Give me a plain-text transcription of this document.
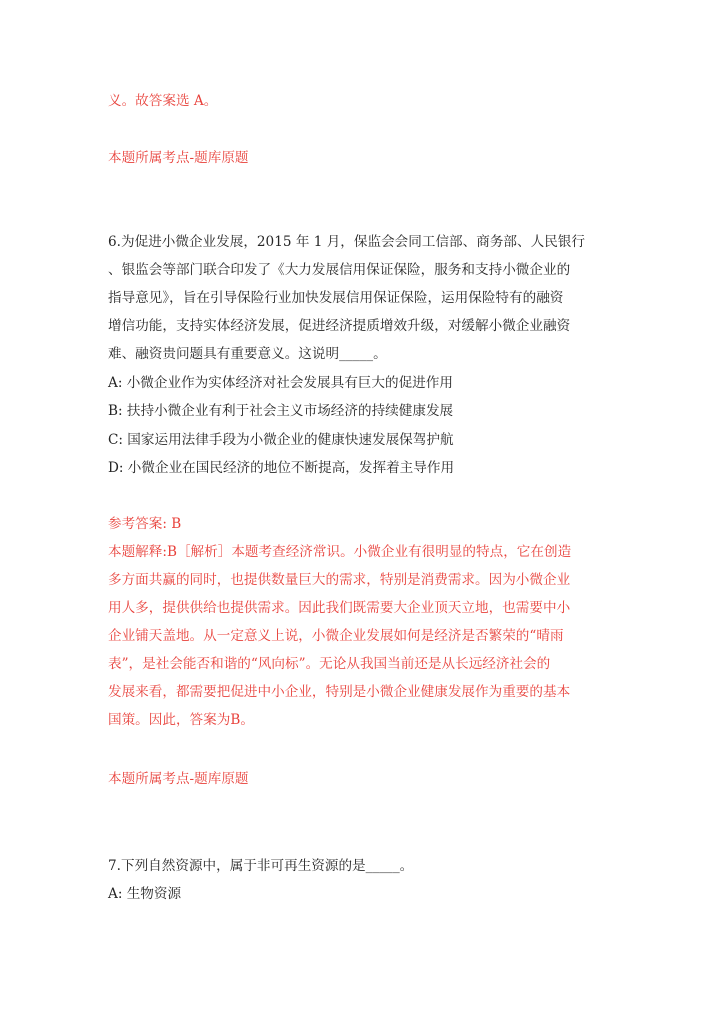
义。故答案选 A。
本题所属考点-题库原题
6.为促进小微企业发展，2015 年 1 月，保监会会同工信部、商务部、人民银行
、银监会等部门联合印发了《大力发展信用保证保险，服务和支持小微企业的
指导意见》，旨在引导保险行业加快发展信用保证保险，运用保险特有的融资
增信功能，支持实体经济发展，促进经济提质增效升级，对缓解小微企业融资
难、融资贵问题具有重要意义。这说明_____。
A: 小微企业作为实体经济对社会发展具有巨大的促进作用
B: 扶持小微企业有利于社会主义市场经济的持续健康发展
C: 国家运用法律手段为小微企业的健康快速发展保驾护航
D: 小微企业在国民经济的地位不断提高，发挥着主导作用
参考答案: B
本题解释:B［解析］本题考查经济常识。小微企业有很明显的特点，它在创造
多方面共赢的同时，也提供数量巨大的需求，特别是消费需求。因为小微企业
用人多，提供供给也提供需求。因此我们既需要大企业顶天立地，也需要中小
企业铺天盖地。从一定意义上说，小微企业发展如何是经济是否繁荣的“晴雨
表”，是社会能否和谐的“风向标”。无论从我国当前还是从长远经济社会的
发展来看，都需要把促进中小企业，特别是小微企业健康发展作为重要的基本
国策。因此，答案为B。
本题所属考点-题库原题
7.下列自然资源中，属于非可再生资源的是_____。
A: 生物资源
